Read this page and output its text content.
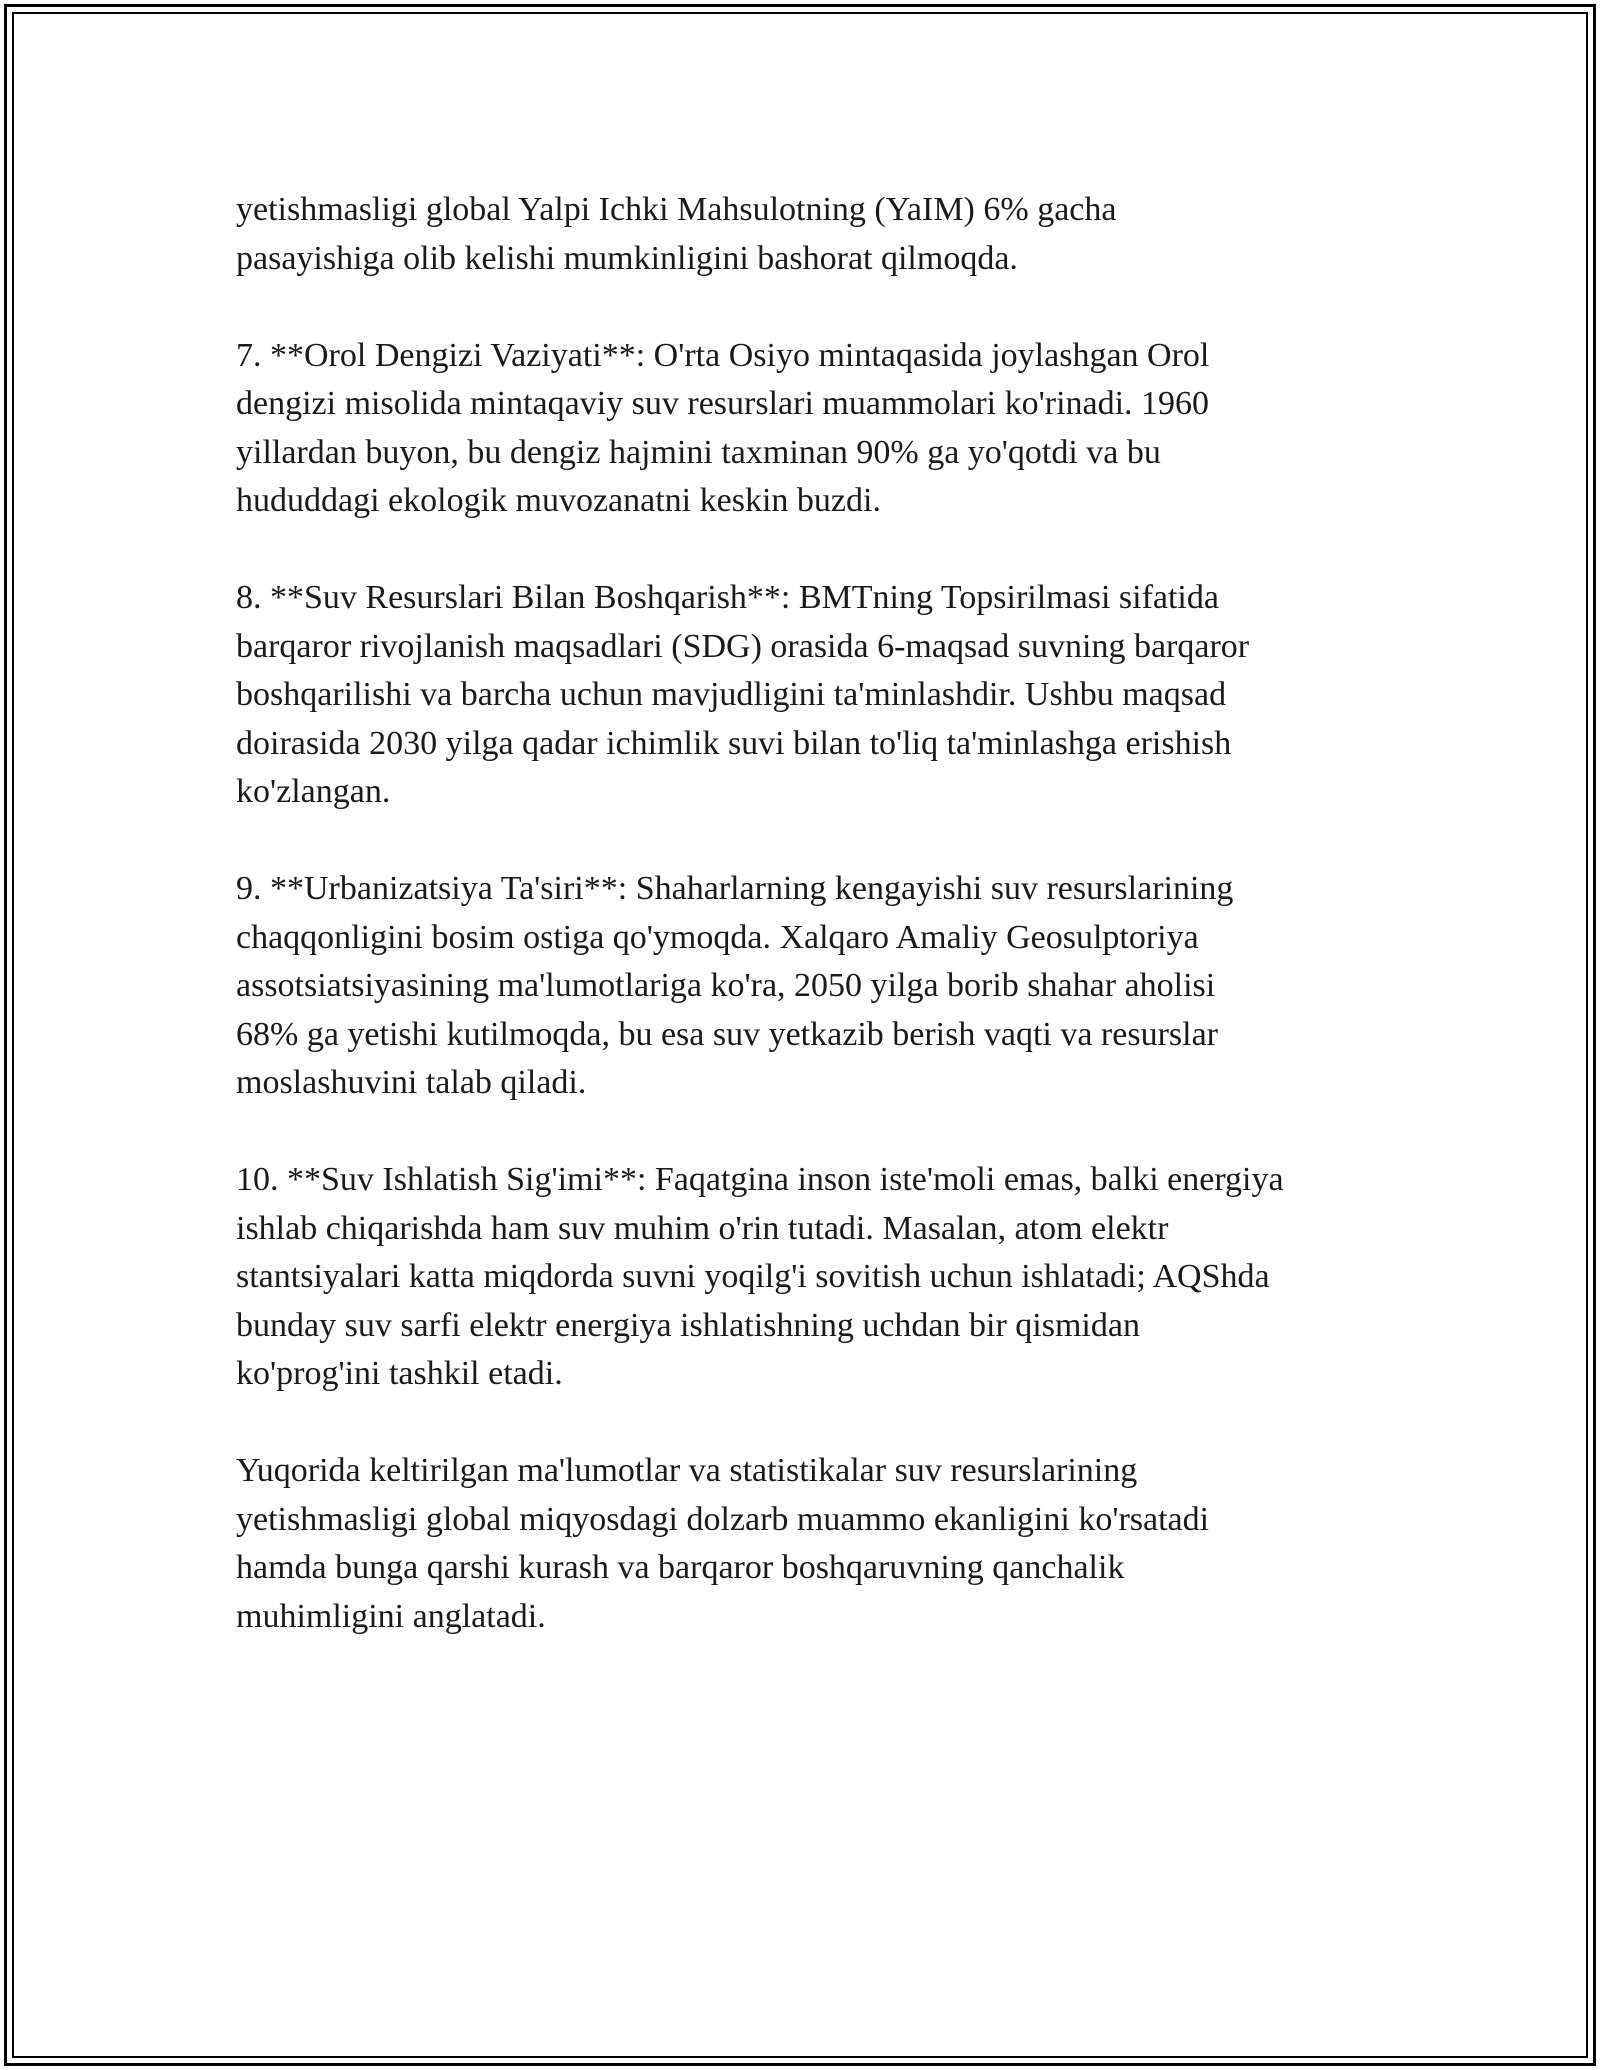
yetishmasligi global Yalpi Ichki Mahsulotning (YaIM) 6% gacha
pasayishiga olib kelishi mumkinligini bashorat qilmoqda.

7. **Orol Dengizi Vaziyati**: O'rta Osiyo mintaqasida joylashgan Orol
dengizi misolida mintaqaviy suv resurslari muammolari ko'rinadi. 1960
yillardan buyon, bu dengiz hajmini taxminan 90% ga yo'qotdi va bu
hududdagi ekologik muvozanatni keskin buzdi.

8. **Suv Resurslari Bilan Boshqarish**: BMTning Topsirilmasi sifatida
barqaror rivojlanish maqsadlari (SDG) orasida 6-maqsad suvning barqaror
boshqarilishi va barcha uchun mavjudligini ta'minlashdir. Ushbu maqsad
doirasida 2030 yilga qadar ichimlik suvi bilan to'liq ta'minlashga erishish
ko'zlangan.

9. **Urbanizatsiya Ta'siri**: Shaharlarning kengayishi suv resurslarining
chaqqonligini bosim ostiga qo'ymoqda. Xalqaro Amaliy Geosulptoriya
assotsiatsiyasining ma'lumotlariga ko'ra, 2050 yilga borib shahar aholisi
68% ga yetishi kutilmoqda, bu esa suv yetkazib berish vaqti va resurslar
moslashuvini talab qiladi.

10. **Suv Ishlatish Sig'imi**: Faqatgina inson iste'moli emas, balki energiya
ishlab chiqarishda ham suv muhim o'rin tutadi. Masalan, atom elektr
stantsiyalari katta miqdorda suvni yoqilg'i sovitish uchun ishlatadi; AQShda
bunday suv sarfi elektr energiya ishlatishning uchdan bir qismidan
ko'prog'ini tashkil etadi.

Yuqorida keltirilgan ma'lumotlar va statistikalar suv resurslarining
yetishmasligi global miqyosdagi dolzarb muammo ekanligini ko'rsatadi
hamda bunga qarshi kurash va barqaror boshqaruvning qanchalik
muhimligini anglatadi.
